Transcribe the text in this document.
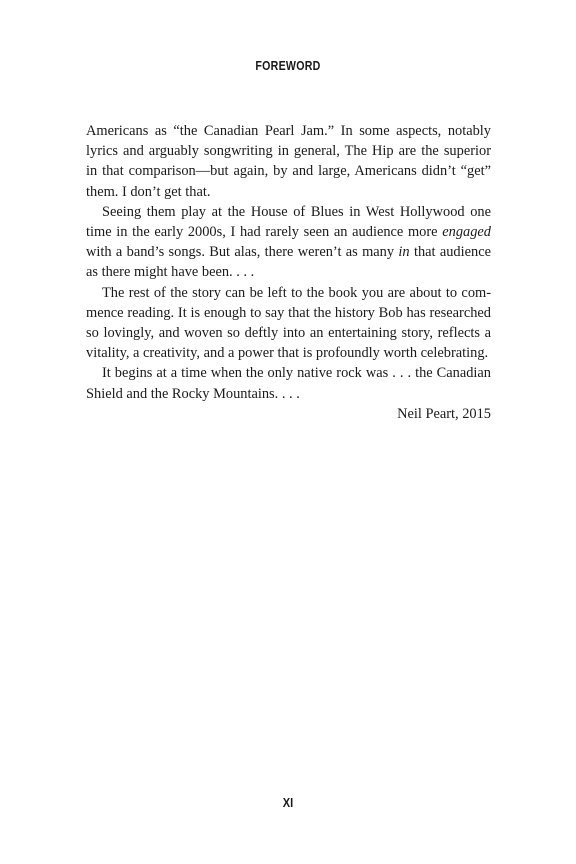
FOREWORD

Americans as “the Canadian Pearl Jam.” In some aspects, notably lyrics and arguably songwriting in general, The Hip are the superior in that comparison—but again, by and large, Americans didn’t “get” them. I don’t get that.

Seeing them play at the House of Blues in West Hollywood one time in the early 2000s, I had rarely seen an audience more engaged with a band’s songs. But alas, there weren’t as many in that audience as there might have been. . . .

The rest of the story can be left to the book you are about to commence reading. It is enough to say that the history Bob has researched so lovingly, and woven so deftly into an entertaining story, reflects a vitality, a creativity, and a power that is profoundly worth celebrating.

It begins at a time when the only native rock was . . . the Canadian Shield and the Rocky Mountains. . . .

Neil Peart, 2015

XI
